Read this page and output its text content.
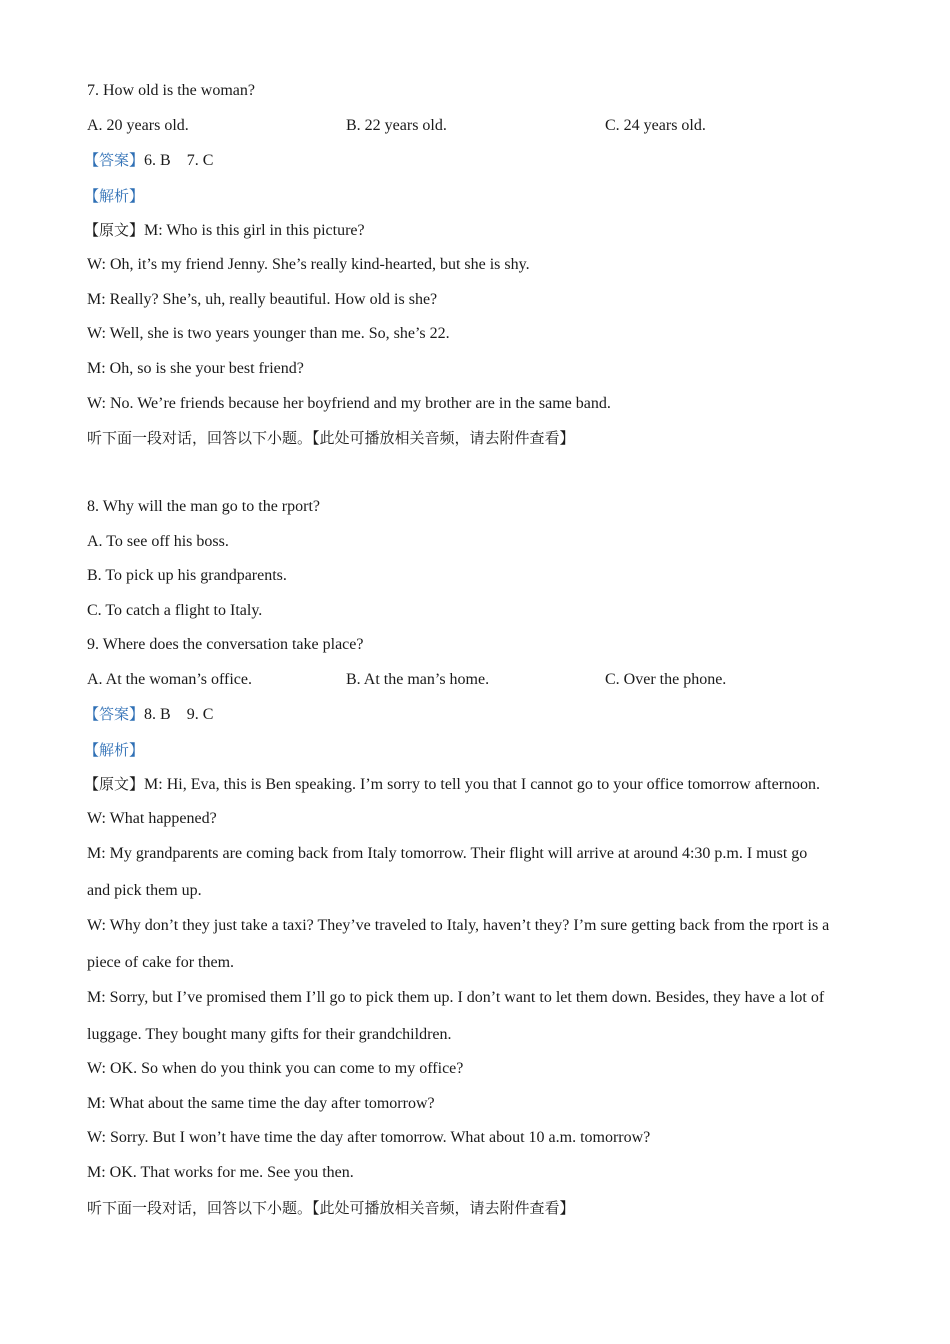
7. How old is the woman?
A. 20 years old.	B. 22 years old.	C. 24 years old.
【答案】6. B    7. C
【解析】
【原文】M: Who is this girl in this picture?
W: Oh, it’s my friend Jenny. She’s really kind-hearted, but she is shy.
M: Really? She’s, uh, really beautiful. How old is she?
W: Well, she is two years younger than me. So, she’s 22.
M: Oh, so is she your best friend?
W: No. We’re friends because her boyfriend and my brother are in the same band.
听下面一段对话，回答以下小题。【此处可播放相关音频，请去附件查看】
8. Why will the man go to the rport?
A. To see off his boss.
B. To pick up his grandparents.
C. To catch a flight to Italy.
9. Where does the conversation take place?
A. At the woman’s office.	B. At the man’s home.	C. Over the phone.
【答案】8. B    9. C
【解析】
【原文】M: Hi, Eva, this is Ben speaking. I’m sorry to tell you that I cannot go to your office tomorrow afternoon.
W: What happened?
M: My grandparents are coming back from Italy tomorrow. Their flight will arrive at around 4:30 p.m. I must go
and pick them up.
W: Why don’t they just take a taxi? They’ve traveled to Italy, haven’t they? I’m sure getting back from the rport is a
piece of cake for them.
M: Sorry, but I’ve promised them I’ll go to pick them up. I don’t want to let them down. Besides, they have a lot of
luggage. They bought many gifts for their grandchildren.
W: OK. So when do you think you can come to my office?
M: What about the same time the day after tomorrow?
W: Sorry. But I won’t have time the day after tomorrow. What about 10 a.m. tomorrow?
M: OK. That works for me. See you then.
听下面一段对话，回答以下小题。【此处可播放相关音频，请去附件查看】
